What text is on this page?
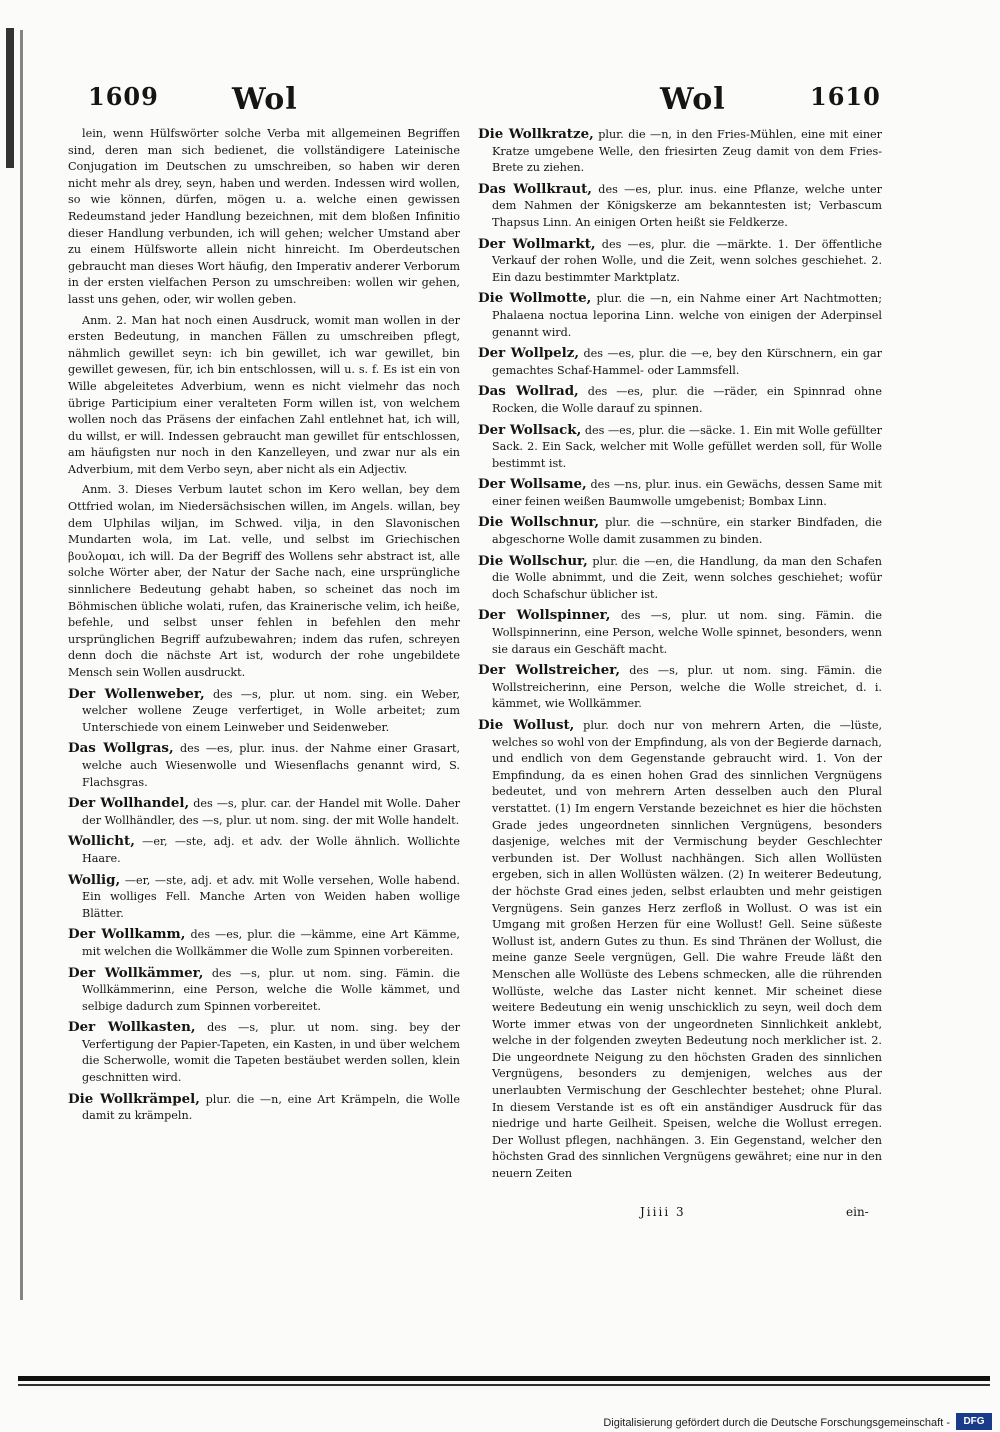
1609 Wol	Wol	1610

lein, wenn Hülfswörter solche Verba mit allgemeinen Begriffen sind, deren man sich bedienet, die vollständigere Lateinische Conjugation im Deutschen zu umschreiben, so haben wir deren nicht mehr als drey, seyn, haben und werden. Indessen wird wollen, so wie können, dürfen, mögen u. a. welche einen gewissen Redeumstand jeder Handlung bezeichnen, mit dem bloßen Infinitio dieser Handlung verbunden, ich will gehen; welcher Umstand aber zu einem Hülfsworte allein nicht hinreicht. Im Oberdeutschen gebraucht man dieses Wort häufig, den Imperativ anderer Verborum in der ersten vielfachen Person zu umschreiben: wollen wir gehen, lasst uns gehen, oder, wir wollen geben.

Anm. 2. Man hat noch einen Ausdruck, womit man wollen in der ersten Bedeutung, in manchen Fällen zu umschreiben pflegt, nähmlich gewillet seyn: ich bin gewillet, ich war gewillet, bin gewillet gewesen, für, ich bin entschlossen, will u. s. f. Es ist ein von Wille abgeleitetes Adverbium, wenn es nicht vielmehr das noch übrige Participium einer veralteten Form willen ist, von welchem wollen noch das Präsens der einfachen Zahl entlehnet hat, ich will, du willst, er will. Indessen gebraucht man gewillet für entschlossen, am häufigsten nur noch in den Kanzelleyen, und zwar nur als ein Adverbium, mit dem Verbo seyn, aber nicht als ein Adjectiv.

Anm. 3. Dieses Verbum lautet schon im Kero wellan, bey dem Ottfried wolan, im Niedersächsischen willen, im Angels. willan, bey dem Ulphilas wiljan, im Schwed. vilja, in den Slavonischen Mundarten wola, im Lat. velle, und selbst im Griechischen βουλομαι, ich will. Da der Begriff des Wollens sehr abstract ist, alle solche Wörter aber, der Natur der Sache nach, eine ursprüngliche sinnlichere Bedeutung gehabt haben, so scheinet das noch im Böhmischen übliche wolati, rufen, das Krainerische velim, ich heiße, befehle, und selbst unser fehlen in befehlen den mehr ursprünglichen Begriff aufzubewahren; indem das rufen, schreyen denn doch die nächste Art ist, wodurch der rohe ungebildete Mensch sein Wollen ausdruckt.

Der Wollenweber, des —s, plur. ut nom. sing. ein Weber, welcher wollene Zeuge verfertiget, in Wolle arbeitet; zum Unterschiede von einem Leinweber und Seidenweber.

Das Wollgras, des —es, plur. inus. der Nahme einer Grasart, welche auch Wiesenwolle und Wiesenflachs genannt wird, S. Flachsgras.

Der Wollhandel, des —s, plur. car. der Handel mit Wolle. Daher der Wollhändler, des —s, plur. ut nom. sing. der mit Wolle handelt.

Wollicht, —er, —ste, adj. et adv. der Wolle ähnlich. Wollichte Haare.

Wollig, —er, —ste, adj. et adv. mit Wolle versehen, Wolle habend. Ein wolliges Fell. Manche Arten von Weiden haben wollige Blätter.

Der Wollkamm, des —es, plur. die —kämme, eine Art Kämme, mit welchen die Wollkämmer die Wolle zum Spinnen vorbereiten.

Der Wollkämmer, des —s, plur. ut nom. sing. Fämin. die Wollkämmerinn, eine Person, welche die Wolle kämmet, und selbige dadurch zum Spinnen vorbereitet.

Der Wollkasten, des —s, plur. ut nom. sing. bey der Verfertigung der Papier-Tapeten, ein Kasten, in und über welchem die Scherwolle, womit die Tapeten bestäubet werden sollen, klein geschnitten wird.

Die Wollkrämpel, plur. die —n, eine Art Krämpeln, die Wolle damit zu krämpeln.

Die Wollkratze, plur. die —n, in den Fries-Mühlen, eine mit einer Kratze umgebene Welle, den friesirten Zeug damit von dem Fries-Brete zu ziehen.

Das Wollkraut, des —es, plur. inus. eine Pflanze, welche unter dem Nahmen der Königskerze am bekanntesten ist; Verbascum Thapsus Linn. An einigen Orten heißt sie Feldkerze.

Der Wollmarkt, des —es, plur. die —märkte. 1. Der öffentliche Verkauf der rohen Wolle, und die Zeit, wenn solches geschiehet. 2. Ein dazu bestimmter Marktplatz.

Die Wollmotte, plur. die —n, ein Nahme einer Art Nachtmotten; Phalaena noctua leporina Linn. welche von einigen der Aderpinsel genannt wird.

Der Wollpelz, des —es, plur. die —e, bey den Kürschnern, ein gar gemachtes Schaf-Hammel- oder Lammsfell.

Das Wollrad, des —es, plur. die —räder, ein Spinnrad ohne Rocken, die Wolle darauf zu spinnen.

Der Wollsack, des —es, plur. die —säcke. 1. Ein mit Wolle gefüllter Sack. 2. Ein Sack, welcher mit Wolle gefüllet werden soll, für Wolle bestimmt ist.

Der Wollsame, des —ns, plur. inus. ein Gewächs, dessen Same mit einer feinen weißen Baumwolle umgebenist; Bombax Linn.

Die Wollschnur, plur. die —schnüre, ein starker Bindfaden, die abgeschorne Wolle damit zusammen zu binden.

Die Wollschur, plur. die —en, die Handlung, da man den Schafen die Wolle abnimmt, und die Zeit, wenn solches geschiehet; wofür doch Schafschur üblicher ist.

Der Wollspinner, des —s, plur. ut nom. sing. Fämin. die Wollspinnerinn, eine Person, welche Wolle spinnet, besonders, wenn sie daraus ein Geschäft macht.

Der Wollstreicher, des —s, plur. ut nom. sing. Fämin. die Wollstreicherinn, eine Person, welche die Wolle streichet, d. i. kämmet, wie Wollkämmer.

Die Wollust, plur. doch nur von mehrern Arten, die —lüste, welches so wohl von der Empfindung, als von der Begierde darnach, und endlich von dem Gegenstande gebraucht wird. 1. Von der Empfindung, da es einen hohen Grad des sinnlichen Vergnügens bedeutet, und von mehrern Arten desselben auch den Plural verstattet. (1) Im engern Verstande bezeichnet es hier die höchsten Grade jedes ungeordneten sinnlichen Vergnügens, besonders dasjenige, welches mit der Vermischung beyder Geschlechter verbunden ist. Der Wollust nachhängen. Sich allen Wollüsten ergeben, sich in allen Wollüsten wälzen. (2) In weiterer Bedeutung, der höchste Grad eines jeden, selbst erlaubten und mehr geistigen Vergnügens. Sein ganzes Herz zerfloß in Wollust. O was ist ein Umgang mit großen Herzen für eine Wollust! Gell. Seine süßeste Wollust ist, andern Gutes zu thun. Es sind Thränen der Wollust, die meine ganze Seele vergnügen, Gell. Die wahre Freude läßt den Menschen alle Wollüste des Lebens schmecken, alle die rührenden Wollüste, welche das Laster nicht kennet. Mir scheinet diese weitere Bedeutung ein wenig unschicklich zu seyn, weil doch dem Worte immer etwas von der ungeordneten Sinnlichkeit anklebt, welche in der folgenden zweyten Bedeutung noch merklicher ist. 2. Die ungeordnete Neigung zu den höchsten Graden des sinnlichen Vergnügens, besonders zu demjenigen, welches aus der unerlaubten Vermischung der Geschlechter bestehet; ohne Plural. In diesem Verstande ist es oft ein anständiger Ausdruck für das niedrige und harte Geilheit. Speisen, welche die Wollust erregen. Der Wollust pflegen, nachhängen. 3. Ein Gegenstand, welcher den höchsten Grad des sinnlichen Vergnügens gewähret; eine nur in den neuern Zeiten

Jiiii 3	ein-
Digitalisierung gefördert durch die Deutsche Forschungsgemeinschaft -	DFG
